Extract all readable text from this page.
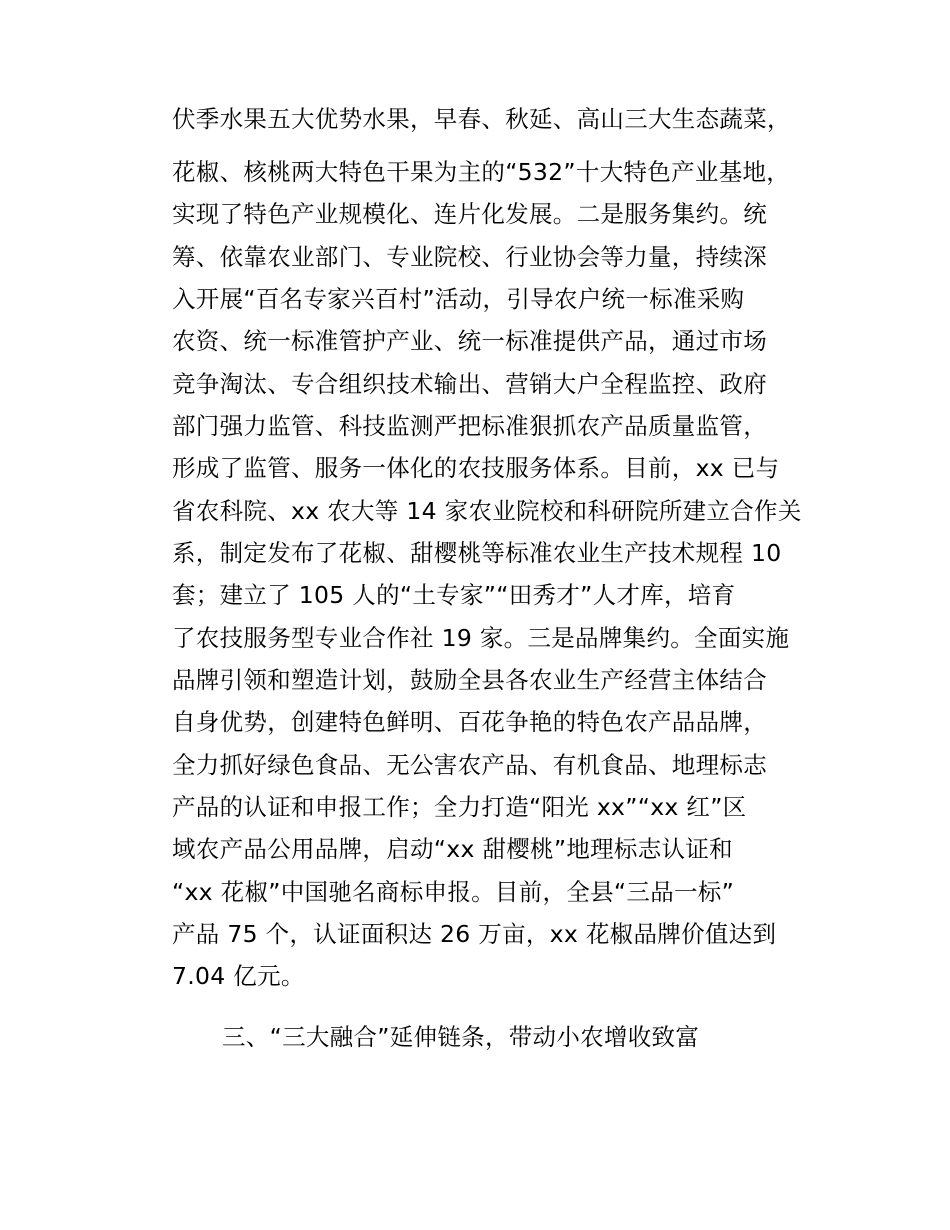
伏季水果五大优势水果，早春、秋延、高山三大生态蔬菜，
花椒、核桃两大特色干果为主的“532”十大特色产业基地，
实现了特色产业规模化、连片化发展。二是服务集约。统
筹、依靠农业部门、专业院校、行业协会等力量，持续深
入开展“百名专家兴百村”活动，引导农户统一标准采购
农资、统一标准管护产业、统一标准提供产品，通过市场
竞争淘汰、专合组织技术输出、营销大户全程监控、政府
部门强力监管、科技监测严把标准狠抓农产品质量监管，
形成了监管、服务一体化的农技服务体系。目前，xx 已与
省农科院、xx 农大等 14 家农业院校和科研院所建立合作关
系，制定发布了花椒、甜樱桃等标准农业生产技术规程 10
套；建立了 105 人的“土专家”“田秀才”人才库，培育
了农技服务型专业合作社 19 家。三是品牌集约。全面实施
品牌引领和塑造计划，鼓励全县各农业生产经营主体结合
自身优势，创建特色鲜明、百花争艳的特色农产品品牌，
全力抓好绿色食品、无公害农产品、有机食品、地理标志
产品的认证和申报工作；全力打造“阳光 xx”“xx 红”区
域农产品公用品牌，启动“xx 甜樱桃”地理标志认证和
“xx 花椒”中国驰名商标申报。目前，全县“三品一标”
产品 75 个，认证面积达 26 万亩，xx 花椒品牌价值达到
7.04 亿元。
三、“三大融合”延伸链条，带动小农增收致富
